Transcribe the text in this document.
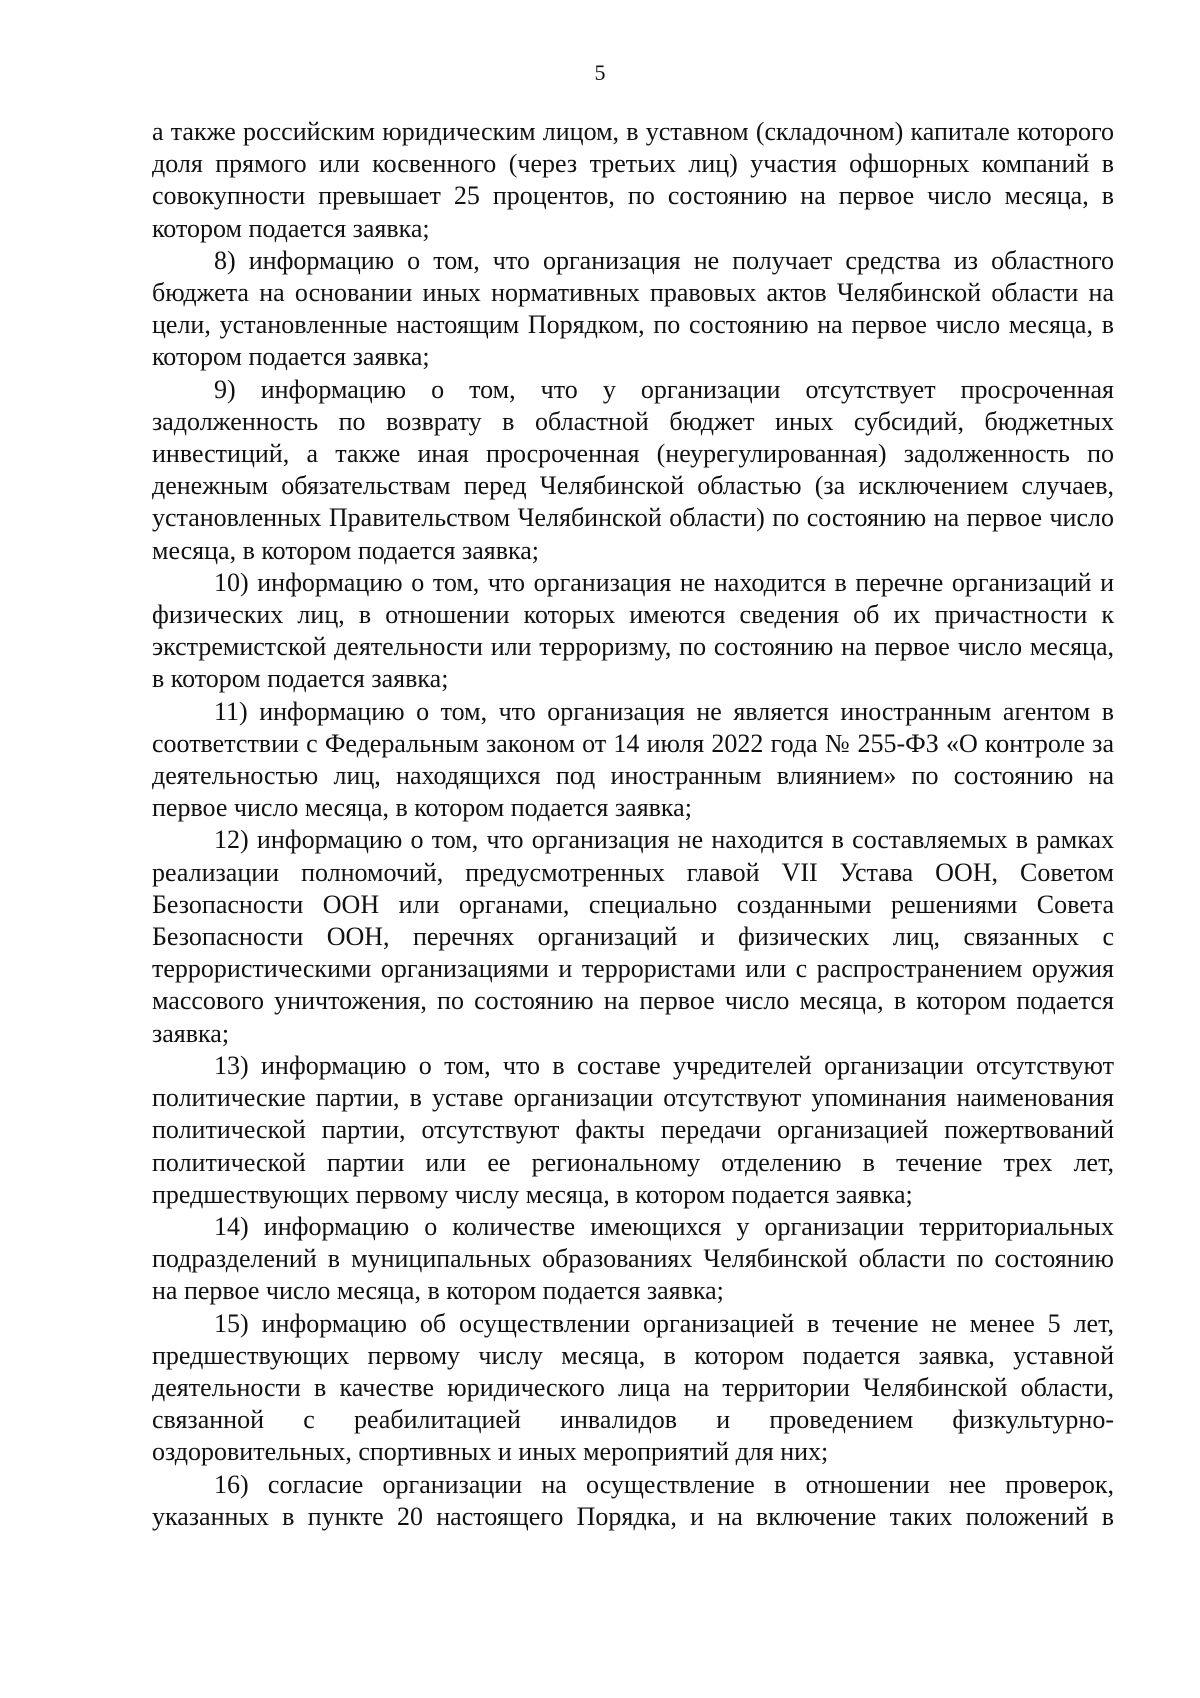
5

а также российским юридическим лицом, в уставном (складочном) капитале которого доля прямого или косвенного (через третьих лиц) участия офшорных компаний в совокупности превышает 25 процентов, по состоянию на первое число месяца, в котором подается заявка;

8) информацию о том, что организация не получает средства из областного бюджета на основании иных нормативных правовых актов Челябинской области на цели, установленные настоящим Порядком, по состоянию на первое число месяца, в котором подается заявка;

9) информацию о том, что у организации отсутствует просроченная задолженность по возврату в областной бюджет иных субсидий, бюджетных инвестиций, а также иная просроченная (неурегулированная) задолженность по денежным обязательствам перед Челябинской областью (за исключением случаев, установленных Правительством Челябинской области) по состоянию на первое число месяца, в котором подается заявка;

10) информацию о том, что организация не находится в перечне организаций и физических лиц, в отношении которых имеются сведения об их причастности к экстремистской деятельности или терроризму, по состоянию на первое число месяца, в котором подается заявка;

11) информацию о том, что организация не является иностранным агентом в соответствии с Федеральным законом от 14 июля 2022 года № 255-ФЗ «О контроле за деятельностью лиц, находящихся под иностранным влиянием» по состоянию на первое число месяца, в котором подается заявка;

12) информацию о том, что организация не находится в составляемых в рамках реализации полномочий, предусмотренных главой VII Устава ООН, Советом Безопасности ООН или органами, специально созданными решениями Совета Безопасности ООН, перечнях организаций и физических лиц, связанных с террористическими организациями и террористами или с распространением оружия массового уничтожения, по состоянию на первое число месяца, в котором подается заявка;

13) информацию о том, что в составе учредителей организации отсутствуют политические партии, в уставе организации отсутствуют упоминания наименования политической партии, отсутствуют факты передачи организацией пожертвований политической партии или ее региональному отделению в течение трех лет, предшествующих первому числу месяца, в котором подается заявка;

14) информацию о количестве имеющихся у организации территориальных подразделений в муниципальных образованиях Челябинской области по состоянию на первое число месяца, в котором подается заявка;

15) информацию об осуществлении организацией в течение не менее 5 лет, предшествующих первому числу месяца, в котором подается заявка, уставной деятельности в качестве юридического лица на территории Челябинской области, связанной с реабилитацией инвалидов и проведением физкультурно-оздоровительных, спортивных и иных мероприятий для них;

16) согласие организации на осуществление в отношении нее проверок, указанных в пункте 20 настоящего Порядка, и на включение таких положений в
